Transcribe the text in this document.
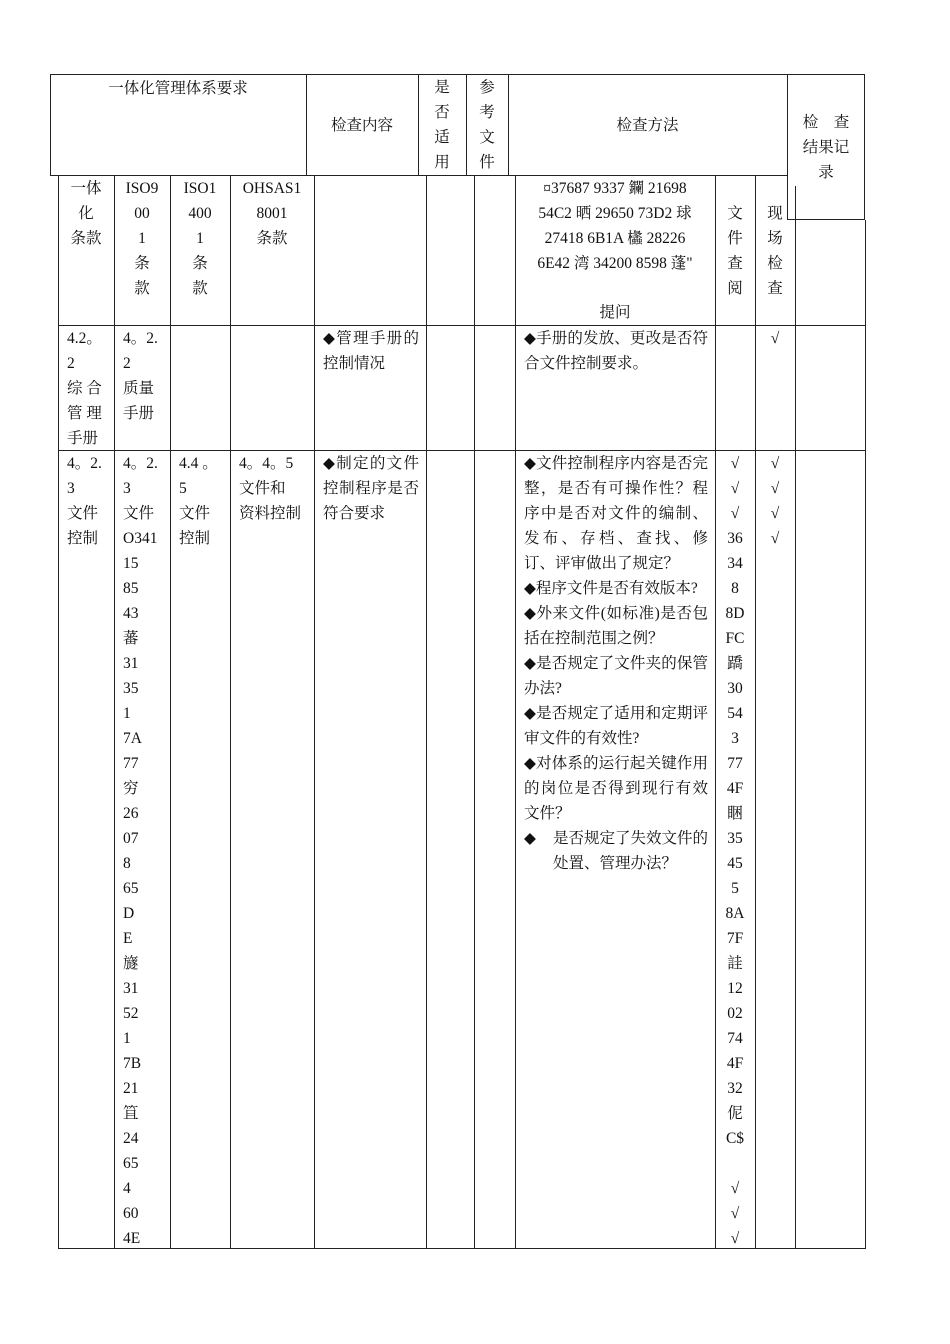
一体化管理体系要求
检查内容
是
否
适
用
参
考
文
件
检查方法	检　查
结果记
录
一体
化
条款
ISO9
00
1
条
款
ISO1
400
1
条
款
OHSAS1
8001
条款
¤37687 9337 鑭 21698
54C2 晒 29650 73D2 球
27418 6B1A 欚 28226
6E42 湾 34200 8598 蓬"
提问
文
件
查
阅
现
场
检
查
4.2。
2
综 合
管 理
手册
4。2.
2
质量
手册
◆管理手册的控制情况
◆手册的发放、更改是否符合文件控制要求。
√
4。2.
3
文件
控制
4。2.
3
文件
O341
15
85
43
蕃
31
35
1
7A
77
穷
26
07
8
65
D
E
旞
31
52
1
7B
21
笡
24
65
4
60
4E
4.4 。
5
文件
控制
4。4。5
文件和
资料控制
◆制定的文件控制程序是否符合要求
◆文件控制程序内容是否完整，是否有可操作性？程序中是否对文件的编制、发布、存档、查找、修订、评审做出了规定？
◆程序文件是否有效版本?
◆外来文件(如标准)是否包括在控制范围之例？
◆是否规定了文件夹的保管办法?
◆是否规定了适用和定期评审文件的有效性?
◆对体系的运行起关键作用的岗位是否得到现行有效文件？
◆ 是否规定了失效文件的处置、管理办法？
√
√
√
36
34
8
8D
FC
蹻
30
54
3
77
4F
睏
35
45
5
8A
7F
詿
12
02
74
4F
32
伲
C$

√
√
√
√
√
√
√
